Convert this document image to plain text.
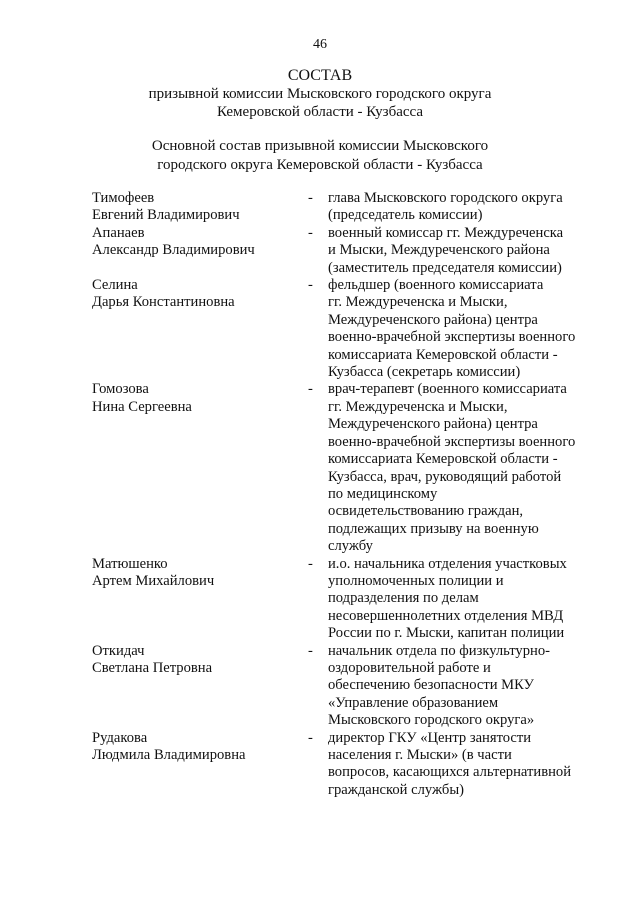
46
СОСТАВ
призывной комиссии Мысковского городского округа
Кемеровской области - Кузбасса
Основной состав призывной комиссии Мысковского
городского округа Кемеровской области - Кузбасса
Тимофеев
Евгений Владимирович
-	глава Мысковского городского округа
(председатель комиссии)
Апанаев
Александр Владимирович
-	военный комиссар гг. Междуреченска
и Мыски, Междуреченского района
(заместитель председателя комиссии)
Селина
Дарья Константиновна
-	фельдшер (военного комиссариата
гг. Междуреченска и Мыски,
Междуреченского района) центра
военно-врачебной экспертизы военного
комиссариата Кемеровской области -
Кузбасса (секретарь комиссии)
Гомозова
Нина Сергеевна
-	врач-терапевт (военного комиссариата
гг. Междуреченска и Мыски,
Междуреченского района) центра
военно-врачебной экспертизы военного
комиссариата Кемеровской области -
Кузбасса, врач, руководящий работой
по медицинскому
освидетельствованию граждан,
подлежащих призыву на военную
службу
Матюшенко
Артем Михайлович
-	и.о. начальника отделения участковых
уполномоченных полиции и
подразделения по делам
несовершеннолетних отделения МВД
России по г. Мыски, капитан полиции
Откидач
Светлана Петровна
-	начальник отдела по физкультурно-
оздоровительной работе и
обеспечению безопасности МКУ
«Управление образованием
Мысковского городского округа»
Рудакова
Людмила Владимировна
-	директор ГКУ «Центр занятости
населения г. Мыски» (в части
вопросов, касающихся альтернативной
гражданской службы)
